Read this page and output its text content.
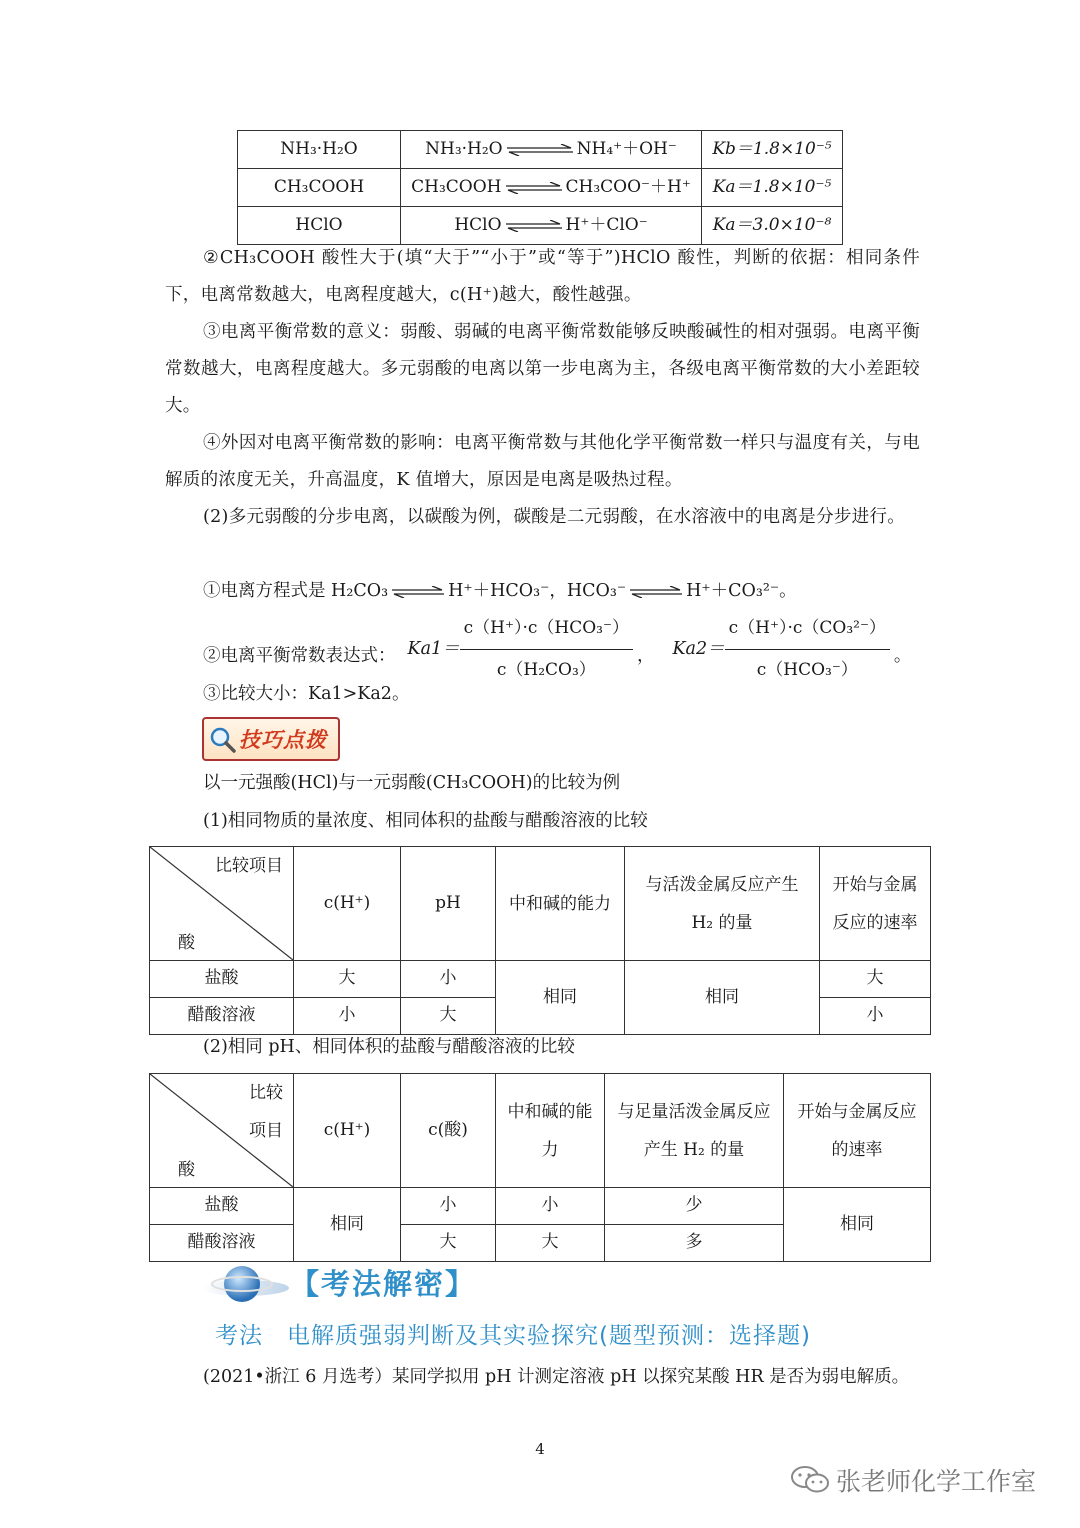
NH₃·H₂O	NH₃·H₂O NH₄⁺＋OH⁻	Kb＝1.8×10⁻⁵
CH₃COOH	CH₃COOH ⇌ CH₃COO⁻＋H⁺	Ka＝1.8×10⁻⁵
HClO	HClO ⇌ H⁺＋ClO⁻	Ka＝3.0×10⁻⁸
②CH₃COOH 酸性大于(填“大于”“小于”或“等于”)HClO 酸性，判断的依据：相同条件下，电离常数越大，电离程度越大，c(H⁺)越大，酸性越强。
③电离平衡常数的意义：弱酸、弱碱的电离平衡常数能够反映酸碱性的相对强弱。电离平衡常数越大，电离程度越大。多元弱酸的电离以第一步电离为主，各级电离平衡常数的大小差距较大。
④外因对电离平衡常数的影响：电离平衡常数与其他化学平衡常数一样只与温度有关，与电解质的浓度无关，升高温度，K 值增大，原因是电离是吸热过程。
(2)多元弱酸的分步电离，以碳酸为例，碳酸是二元弱酸，在水溶液中的电离是分步进行。
①电离方程式是 H₂CO₃ ⇌ H⁺＋HCO₃⁻，HCO₃⁻ ⇌ H⁺＋CO₃²⁻。
②电离平衡常数表达式： $Ka1= \frac{\text{c（H⁺）·c（HCO₃⁻）}}{\text{c（H₂CO₃）}}$ ， $Ka2= \frac{\text{c（H⁺）·c（CO₃²⁻）}}{\text{c（HCO₃⁻）}}$ 。
③比较大小：Ka1>Ka2。
技巧点拨
以一元强酸(HCl)与一元弱酸(CH₃COOH)的比较为例
(1)相同物质的量浓度、相同体积的盐酸与醋酸溶液的比较
比较项目
酸	c(H⁺)	pH	中和碱的能力	与活泼金属反应产生 H₂ 的量	开始与金属反应的速率
盐酸	大	小	相同	相同	大
醋酸溶液	小	大			小
(2)相同 pH、相同体积的盐酸与醋酸溶液的比较
比较项目
酸	c(H⁺)	c(酸)	中和碱的能力	与足量活泼金属反应产生 H₂ 的量	开始与金属反应的速率
盐酸	相同	小	小	少	相同
醋酸溶液		大	大	多	
【考法解密】
考法　电解质强弱判断及其实验探究(题型预测：选择题)
(2021•浙江 6 月选考）某同学拟用 pH 计测定溶液 pH 以探究某酸 HR 是否为弱电解质。
4
张老师化学工作室
